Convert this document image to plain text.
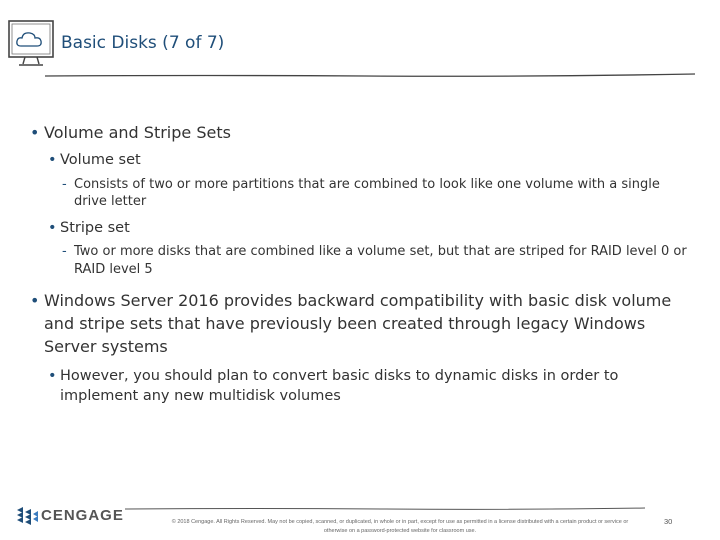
Basic Disks (7 of 7)
• Volume and Stripe Sets
• Volume set
- Consists of two or more partitions that are combined to look like one volume with a single
drive letter
• Stripe set
- Two or more disks that are combined like a volume set, but that are striped for RAID level 0 or
RAID level 5
• Windows Server 2016 provides backward compatibility with basic disk volume
and stripe sets that have previously been created through legacy Windows
Server systems
• However, you should plan to convert basic disks to dynamic disks in order to
implement any new multidisk volumes
CENGAGE	© 2018 Cengage. All Rights Reserved. May not be copied, scanned, or duplicated, in whole or in part, except for use as permitted in a license distributed with a certain product or service or
otherwise on a password-protected website for classroom use.
30
